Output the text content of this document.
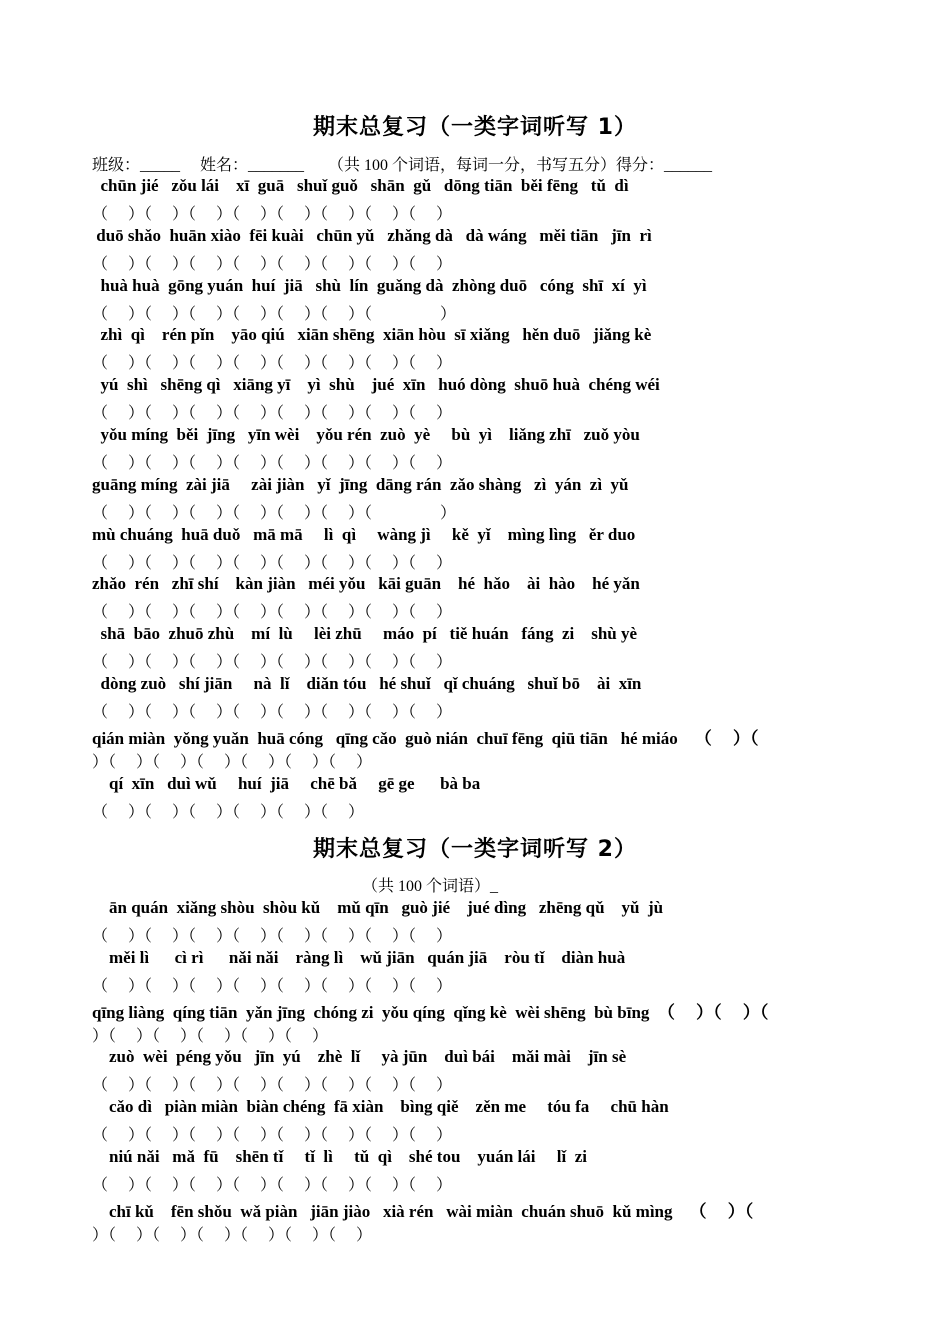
期末总复习（一类字词听写 1）
班级：_____     姓名：_______      （共 100 个词语，每词一分，书写五分）得分：______
chūn jié   zǒu lái    xī  guā   shuǐ guǒ   shān  gǔ   dōng tiān  běi fēng   tǔ  dì
（     ）（     ）（     ）（     ）（     ）（     ）（     ）（     ）
duō shǎo  huān xiào  fēi kuài   chūn yǔ   zhǎng dà   dà wáng   měi tiān   jīn  rì
（     ）（     ）（     ）（     ）（     ）（     ）（     ）（     ）
huà huà  gōng yuán  huí  jiā   shù  lín  guǎng dà  zhòng duō   cóng  shī  xí  yì
（     ）（     ）（     ）（     ）（     ）（     ）（                 ）
zhì  qì    rén pǐn    yāo qiú   xiān shēng  xiān hòu  sī xiǎng   hěn duō   jiǎng kè
（     ）（     ）（     ）（     ）（     ）（     ）（     ）（     ）
yú  shì   shēng qì   xiāng yī    yì  shù    jué  xīn   huó dòng  shuō huà  chéng wéi
（     ）（     ）（     ）（     ）（     ）（     ）（     ）（     ）
yǒu míng  běi  jīng   yīn wèi    yǒu rén  zuò  yè     bù  yì    liǎng zhī   zuǒ yòu
（     ）（     ）（     ）（     ）（     ）（     ）（     ）（     ）
guāng míng  zài jiā     zài jiàn   yǐ  jīng  dāng rán  zǎo shàng   zì  yán  zì  yǔ
（     ）（     ）（     ）（     ）（     ）（     ）（                 ）
mù chuáng  huā duǒ   mā mā     lì  qì     wàng jì     kě  yǐ    mìng lìng   ěr duo
（     ）（     ）（     ）（     ）（     ）（     ）（     ）（     ）
zhǎo  rén   zhī shí    kàn jiàn   méi yǒu   kāi guān    hé  hǎo    ài  hào    hé yǎn
（     ）（     ）（     ）（     ）（     ）（     ）（     ）（     ）
shā  bāo  zhuō zhù    mí  lù     lèi zhū     máo  pí   tiě huán   fáng  zi    shù yè
（     ）（     ）（     ）（     ）（     ）（     ）（     ）（     ）
dòng zuò   shí jiān     nà  lǐ    diǎn tóu   hé shuǐ   qǐ chuáng   shuǐ bō    ài  xīn
（     ）（     ）（     ）（     ）（     ）（     ）（     ）（     ）
qián miàn  yǒng yuǎn  huā cóng   qīng cǎo  guò nián  chuī fēng  qiū tiān   hé miáo    （     ）（
）（     ）（     ）（     ）（     ）（     ）（     ）
qí  xīn   duì wǔ     huí  jiā     chē bǎ     gē ge      bà ba
（     ）（     ）（     ）（     ）（     ）（     ）
期末总复习（一类字词听写 2）
（共 100 个词语）_
ān quán  xiǎng shòu  shòu kǔ    mǔ qīn   guò jié    jué dìng   zhēng qǔ    yǔ  jù
（     ）（     ）（     ）（     ）（     ）（     ）（     ）（     ）
měi lì      cì rì      nǎi nǎi    ràng lì    wǔ jiān   quán jiā    ròu tǐ    diàn huà
（     ）（     ）（     ）（     ）（     ）（     ）（     ）（     ）
qīng liàng  qíng tiān  yǎn jīng  chóng zi  yǒu qíng  qǐng kè  wèi shēng  bù bīng  （     ）（     ）（
）（     ）（     ）（     ）（     ）（     ）
zuò  wèi  péng yǒu   jīn  yú    zhè  lǐ     yà jūn    duì bái    mǎi mài    jīn sè
（     ）（     ）（     ）（     ）（     ）（     ）（     ）（     ）
cǎo dì   piàn miàn  biàn chéng  fā xiàn    bìng qiě    zěn me     tóu fa     chū hàn
（     ）（     ）（     ）（     ）（     ）（     ）（     ）（     ）
niú nǎi   mǎ  fū    shēn tǐ     tǐ  lì     tǔ  qì    shé tou    yuán lái     lǐ  zi
（     ）（     ）（     ）（     ）（     ）（     ）（     ）（     ）
chī kǔ    fēn shǒu  wǎ piàn   jiān jiào   xià rén   wài miàn  chuán shuō  kǔ mìng    （     ）（
）（     ）（     ）（     ）（     ）（     ）（     ）
